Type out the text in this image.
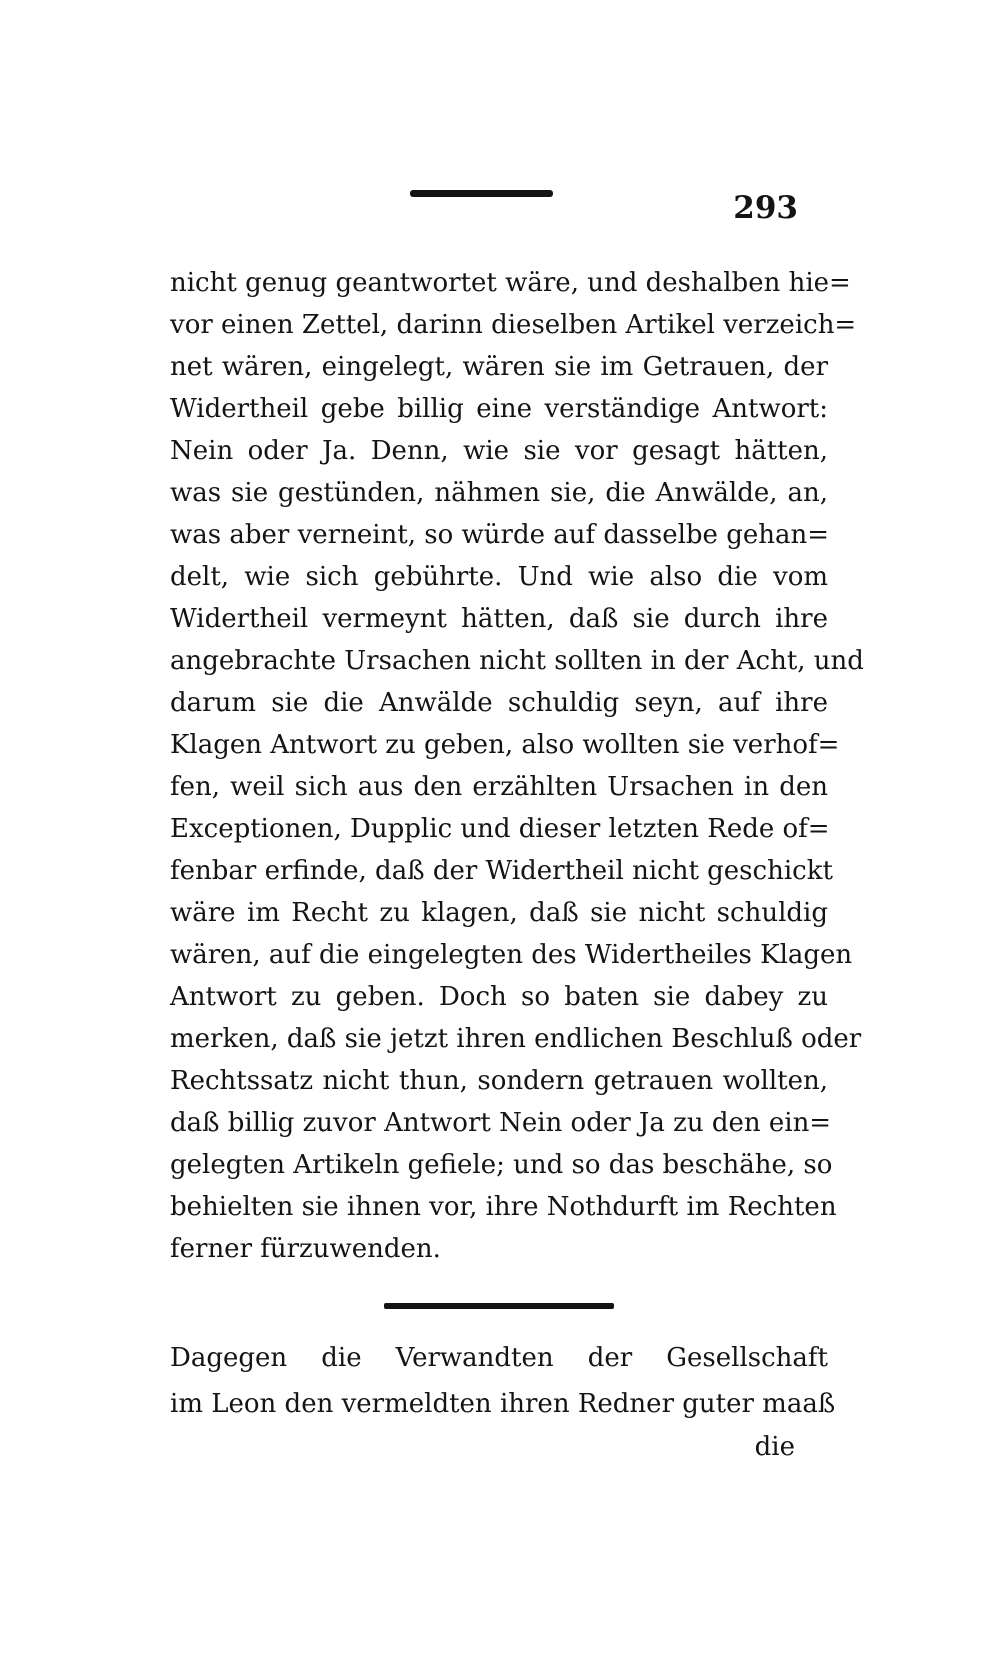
293
nicht genug geantwortet wäre, und deshalben hie=
vor einen Zettel, darinn dieselben Artikel verzeich=
net wären, eingelegt, wären sie im Getrauen, der
Widertheil gebe billig eine verständige Antwort:
Nein oder Ja. Denn, wie sie vor gesagt hätten,
was sie gestünden, nähmen sie, die Anwälde, an,
was aber verneint, so würde auf dasselbe gehan=
delt, wie sich gebührte. Und wie also die vom
Widertheil vermeynt hätten, daß sie durch ihre
angebrachte Ursachen nicht sollten in der Acht, und
darum sie die Anwälde schuldig seyn, auf ihre
Klagen Antwort zu geben, also wollten sie verhof=
fen, weil sich aus den erzählten Ursachen in den
Exceptionen, Dupplic und dieser letzten Rede of=
fenbar erfinde, daß der Widertheil nicht geschickt
wäre im Recht zu klagen, daß sie nicht schuldig
wären, auf die eingelegten des Widertheiles Klagen
Antwort zu geben. Doch so baten sie dabey zu
merken, daß sie jetzt ihren endlichen Beschluß oder
Rechtssatz nicht thun, sondern getrauen wollten,
daß billig zuvor Antwort Nein oder Ja zu den ein=
gelegten Artikeln gefiele; und so das beschähe, so
behielten sie ihnen vor, ihre Nothdurft im Rechten
ferner fürzuwenden.
Dagegen die Verwandten der Gesellschaft
im Leon den vermeldten ihren Redner guter maaß
die
